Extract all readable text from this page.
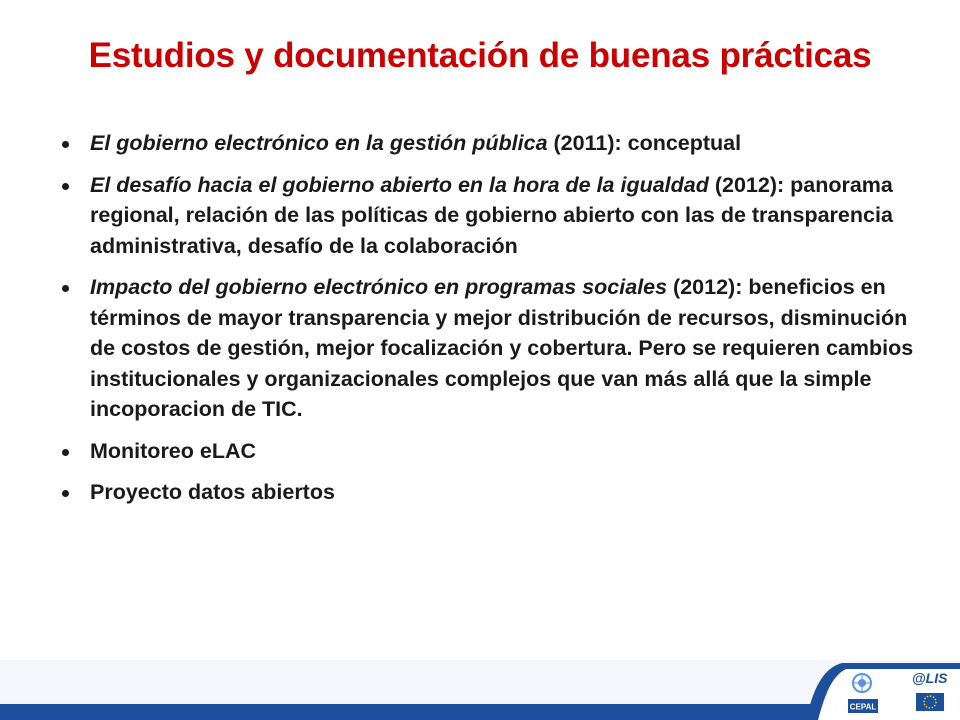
Estudios y documentación de buenas prácticas
El gobierno electrónico en la gestión pública (2011): conceptual
El desafío hacia el gobierno abierto en la hora de la igualdad (2012): panorama regional, relación de las políticas de gobierno abierto con las de transparencia administrativa, desafío de la colaboración
Impacto del gobierno electrónico en programas sociales (2012): beneficios en términos de mayor transparencia y mejor distribución de recursos, disminución de costos de gestión, mejor focalización y cobertura. Pero se requieren cambios institucionales y organizacionales complejos que van más allá que la simple incoporacion de TIC.
Monitoreo eLAC
Proyecto datos abiertos
CEPAL
@LIS
